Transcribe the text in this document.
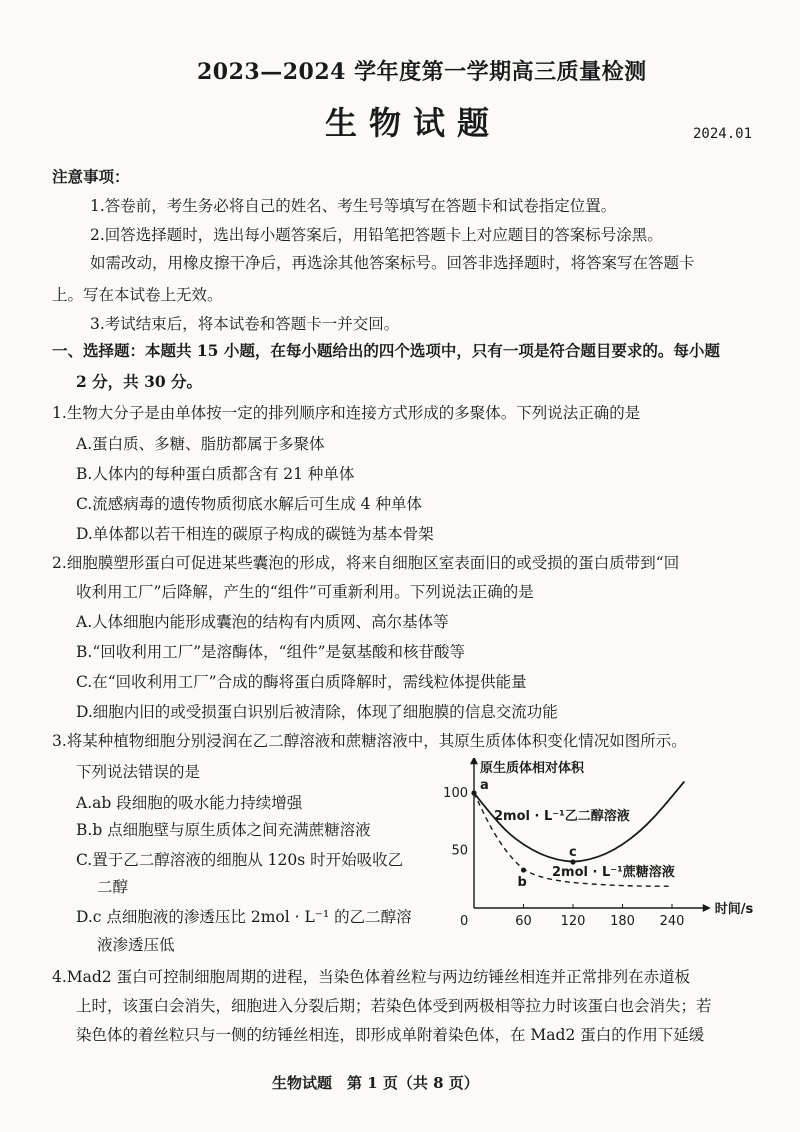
2023—2024 学年度第一学期高三质量检测
生物试题	2024.01
注意事项：
1.答卷前，考生务必将自己的姓名、考生号等填写在答题卡和试卷指定位置。
2.回答选择题时，选出每小题答案后，用铅笔把答题卡上对应题目的答案标号涂黑。
如需改动，用橡皮擦干净后，再选涂其他答案标号。回答非选择题时，将答案写在答题卡
上。写在本试卷上无效。
3.考试结束后，将本试卷和答题卡一并交回。
一、选择题：本题共 15 小题，在每小题给出的四个选项中，只有一项是符合题目要求的。每小题
2 分，共 30 分。
1.生物大分子是由单体按一定的排列顺序和连接方式形成的多聚体。下列说法正确的是
A.蛋白质、多糖、脂肪都属于多聚体
B.人体内的每种蛋白质都含有 21 种单体
C.流感病毒的遗传物质彻底水解后可生成 4 种单体
D.单体都以若干相连的碳原子构成的碳链为基本骨架
2.细胞膜塑形蛋白可促进某些囊泡的形成，将来自细胞区室表面旧的或受损的蛋白质带到“回
收利用工厂”后降解，产生的“组件”可重新利用。下列说法正确的是
A.人体细胞内能形成囊泡的结构有内质网、高尔基体等
B.“回收利用工厂”是溶酶体，“组件”是氨基酸和核苷酸等
C.在“回收利用工厂”合成的酶将蛋白质降解时，需线粒体提供能量
D.细胞内旧的或受损蛋白识别后被清除，体现了细胞膜的信息交流功能
3.将某种植物细胞分别浸润在乙二醇溶液和蔗糖溶液中，其原生质体体积变化情况如图所示。
下列说法错误的是
A.ab 段细胞的吸水能力持续增强
B.b 点细胞壁与原生质体之间充满蔗糖溶液
C.置于乙二醇溶液的细胞从 120s 时开始吸收乙
二醇
D.c 点细胞液的渗透压比 2mol · L⁻¹ 的乙二醇溶
液渗透压低
原生质体相对体积
时间/s
0	60 120 180 240
50
100
2mol · L⁻¹乙二醇溶液
2mol · L⁻¹蔗糖溶液
a
b
c
4.Mad2 蛋白可控制细胞周期的进程，当染色体着丝粒与两边纺锤丝相连并正常排列在赤道板
上时，该蛋白会消失，细胞进入分裂后期；若染色体受到两极相等拉力时该蛋白也会消失；若
染色体的着丝粒只与一侧的纺锤丝相连，即形成单附着染色体，在 Mad2 蛋白的作用下延缓
生物试题　第 1 页（共 8 页）
